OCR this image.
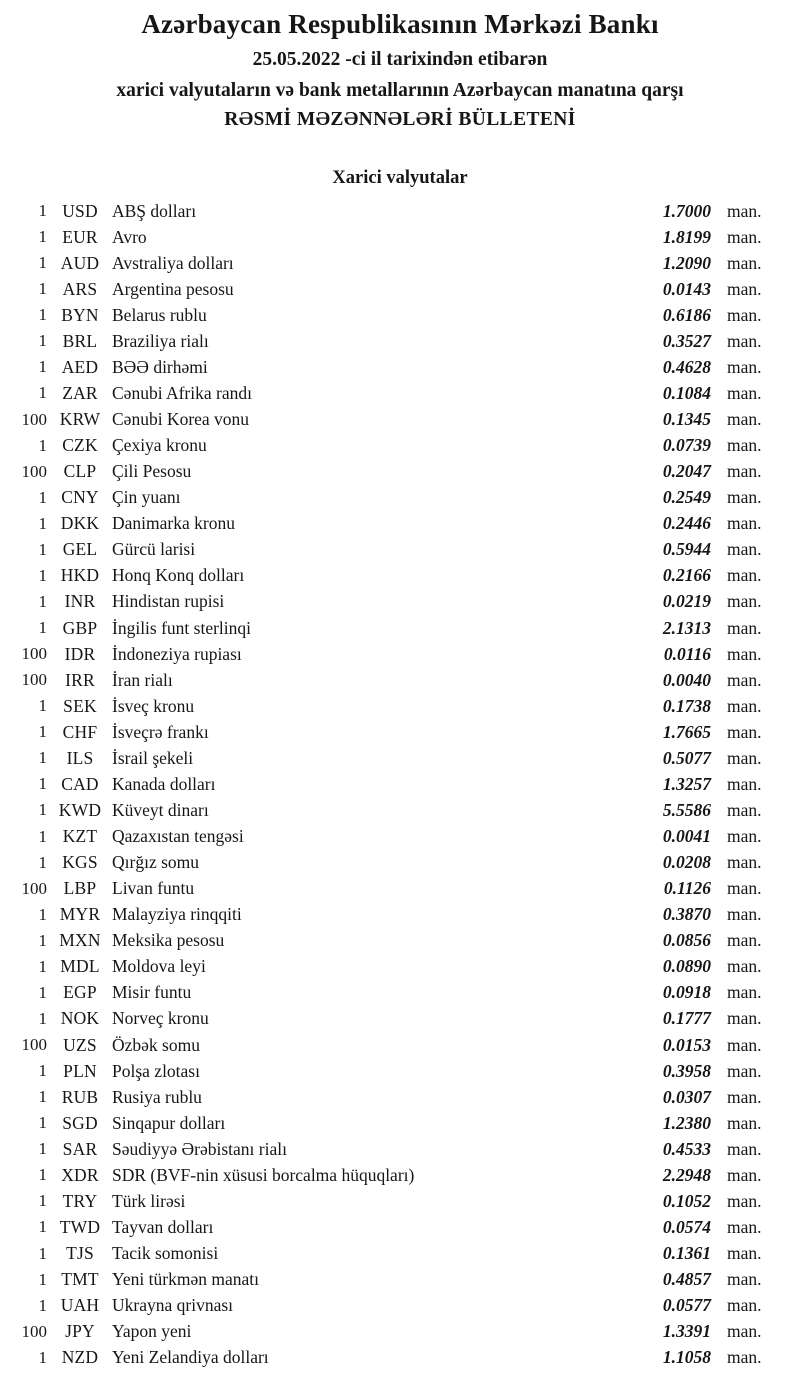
Azərbaycan Respublikasının Mərkəzi Bankı
25.05.2022 -ci il tarixindən etibarən
xarici valyutaların və bank metallarının Azərbaycan manatına qarşı
RƏSMİ MƏZƏNNƏLƏRİ BÜLLETENİ
Xarici valyutalar
1 USD ABŞ dolları	1.7000 man.
1 EUR Avro	1.8199 man.
1 AUD Avstraliya dolları	1.2090 man.
1 ARS Argentina pesosu	0.0143 man.
1 BYN Belarus rublu	0.6186 man.
1 BRL Braziliya rialı	0.3527 man.
1 AED BƏƏ dirhəmi	0.4628 man.
1 ZAR Cənubi Afrika randı	0.1084 man.
100 KRW Cənubi Korea vonu	0.1345 man.
1 CZK Çexiya kronu	0.0739 man.
100 CLP Çili Pesosu	0.2047 man.
1 CNY Çin yuanı	0.2549 man.
1 DKK Danimarka kronu	0.2446 man.
1 GEL Gürcü larisi	0.5944 man.
1 HKD Honq Konq dolları	0.2166 man.
1	INR Hindistan rupisi	0.0219 man.
1 GBP İngilis funt sterlinqi	2.1313 man.
100	IDR İndoneziya rupiası	0.0116 man.
100	IRR İran rialı	0.0040 man.
1 SEK İsveç kronu	0.1738 man.
1 CHF İsveçrə frankı	1.7665 man.
1	ILS	İsrail şekeli	0.5077 man.
1 CAD Kanada dolları	1.3257 man.
1 KWD Küveyt dinarı	5.5586 man.
1 KZT Qazaxıstan tengəsi	0.0041 man.
1 KGS Qırğız somu	0.0208 man.
100 LBP Livan funtu	0.1126 man.
1 MYR Malayziya rinqqiti	0.3870 man.
1 MXN Meksika pesosu	0.0856 man.
1 MDL Moldova leyi	0.0890 man.
1 EGP Misir funtu	0.0918 man.
1 NOK Norveç kronu	0.1777 man.
100 UZS Özbək somu	0.0153 man.
1 PLN Polşa zlotası	0.3958 man.
1 RUB Rusiya rublu	0.0307 man.
1 SGD Sinqapur dolları	1.2380 man.
1 SAR Səudiyyə Ərəbistanı rialı	0.4533 man.
1 XDR SDR (BVF-nin xüsusi borcalma hüquqları)	2.2948 man.
1 TRY Türk lirəsi	0.1052 man.
1 TWD Tayvan dolları	0.0574 man.
1	TJS	Tacik somonisi	0.1361 man.
1 TMT Yeni türkmən manatı	0.4857 man.
1 UAH Ukrayna qrivnası	0.0577 man.
100	JPY Yapon yeni	1.3391 man.
1 NZD Yeni Zelandiya dolları	1.1058 man.
